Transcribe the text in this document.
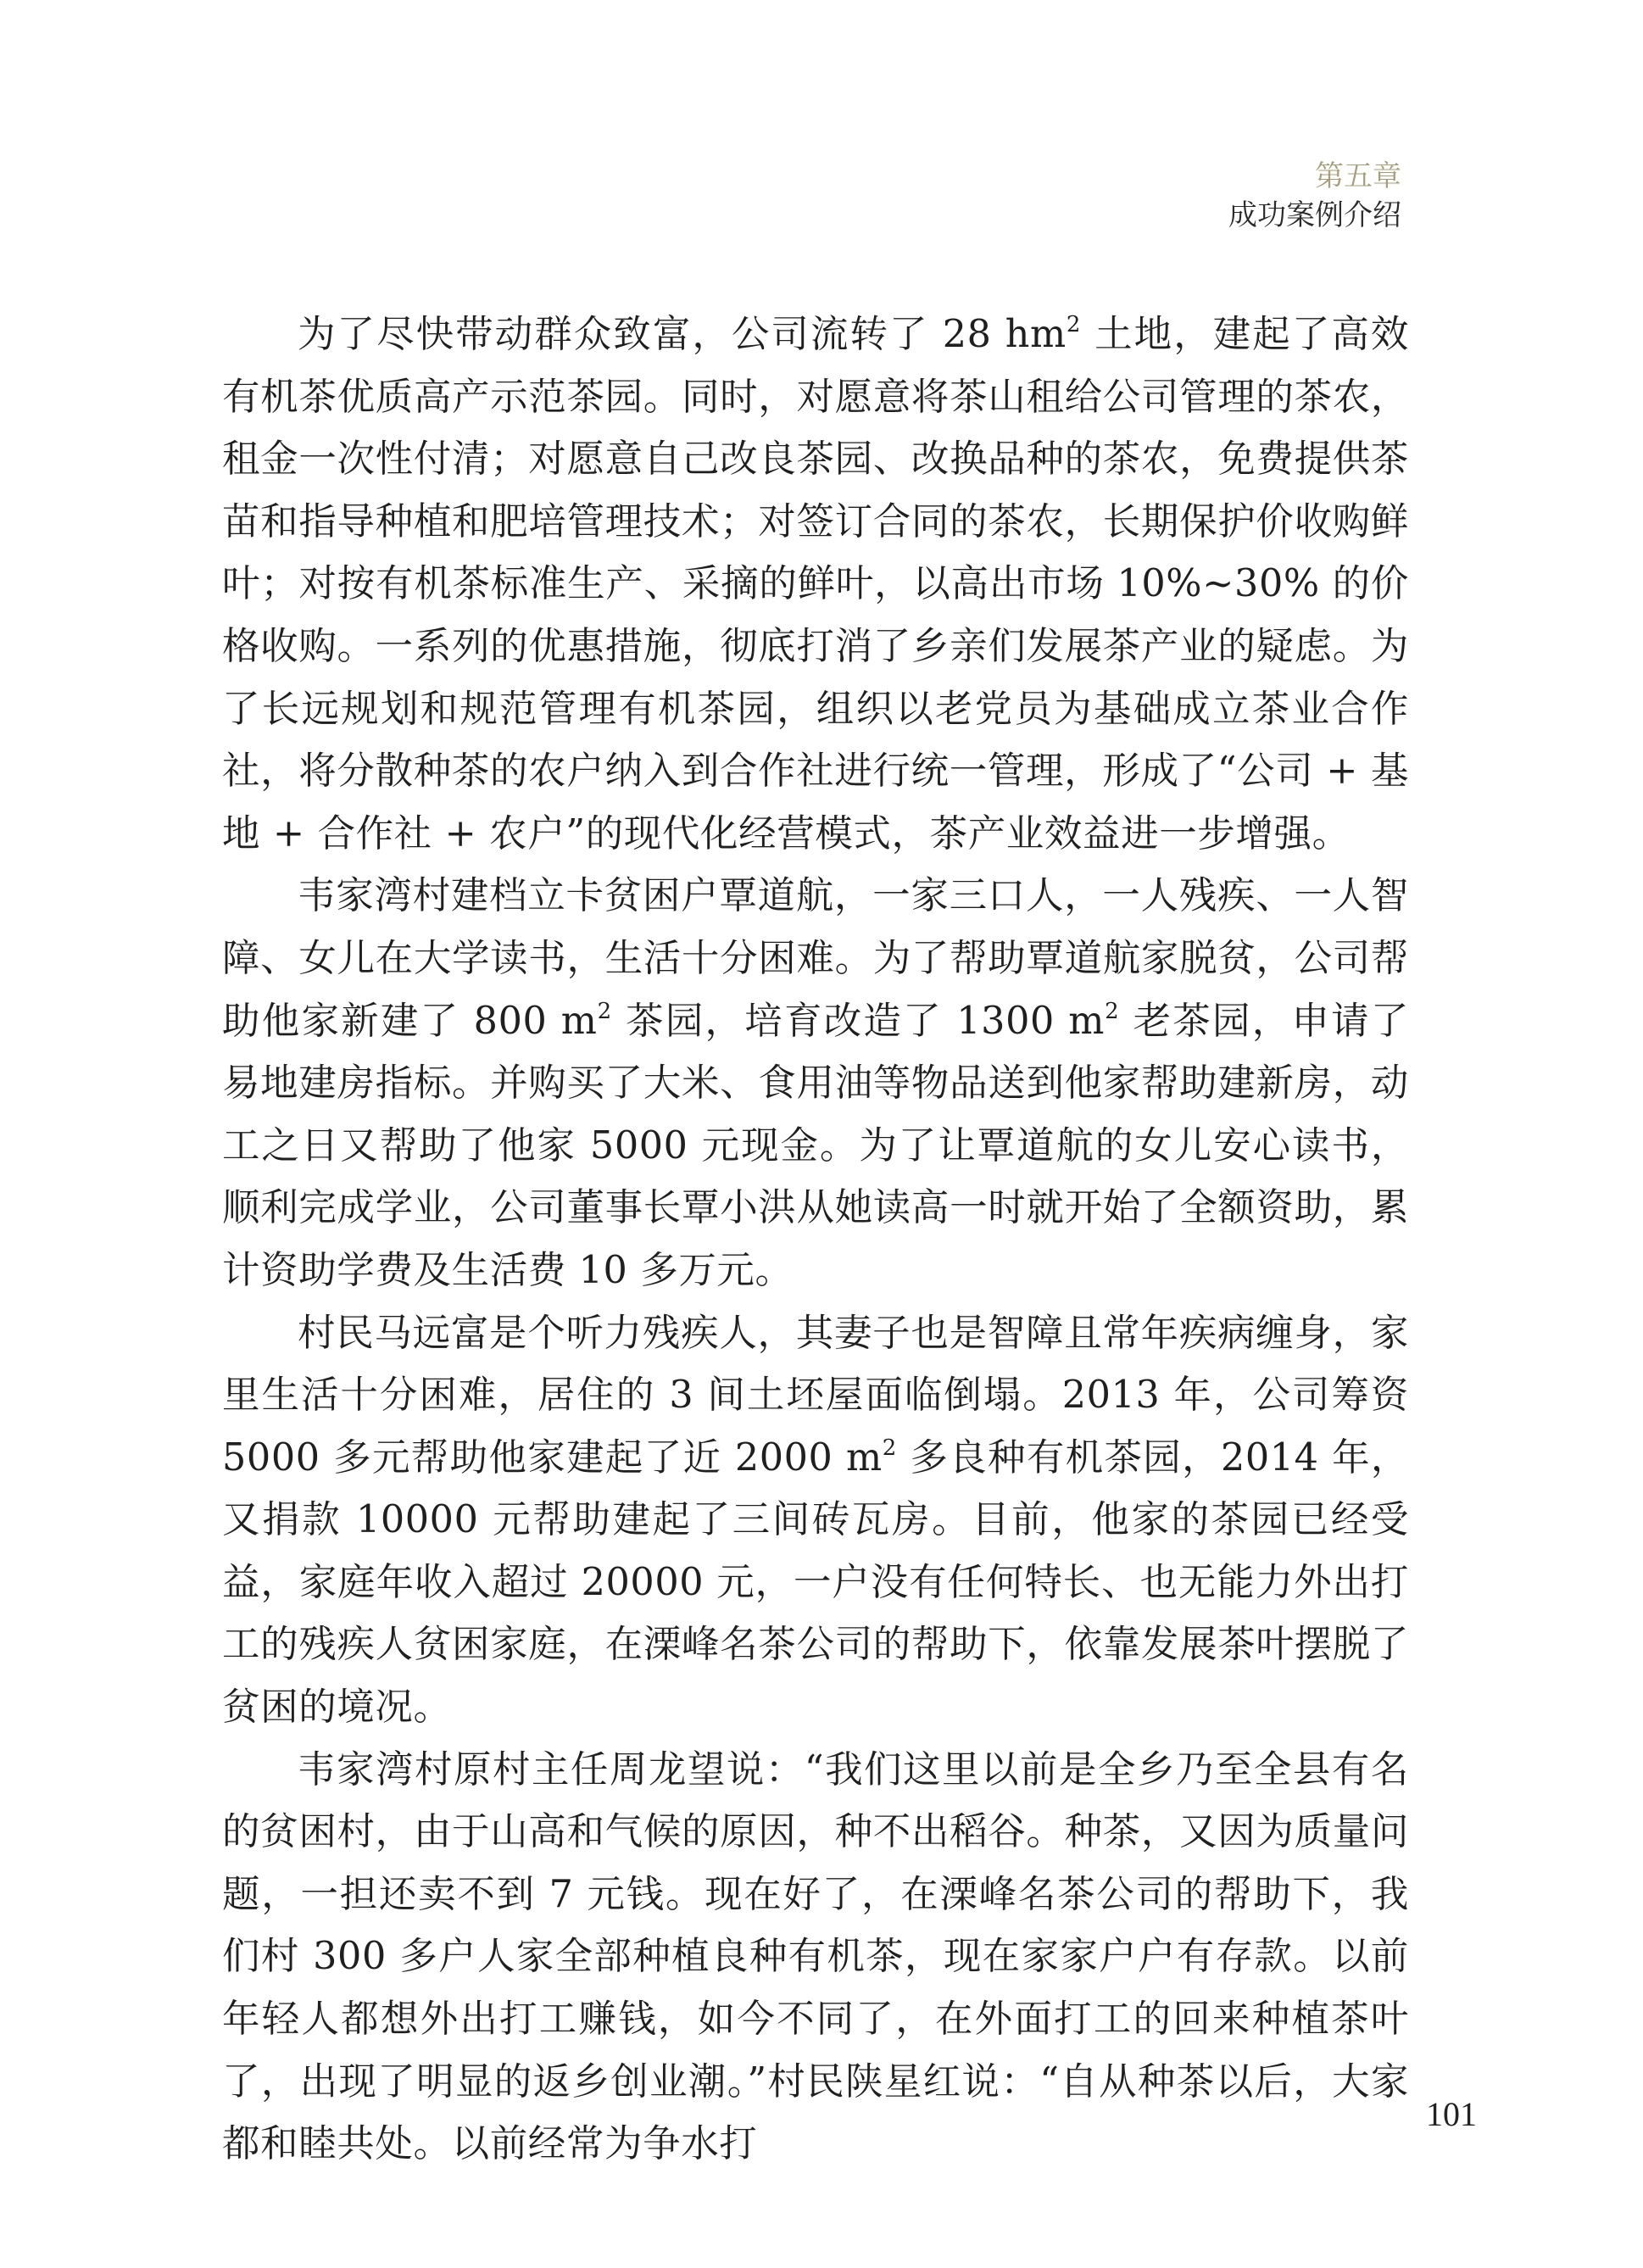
第五章
成功案例介绍

为了尽快带动群众致富，公司流转了 28 $hm^2$ 土地，建起了高效有机茶优质高产示范茶园。同时，对愿意将茶山租给公司管理的茶农，租金一次性付清；对愿意自己改良茶园、改换品种的茶农，免费提供茶苗和指导种植和肥培管理技术；对签订合同的茶农，长期保护价收购鲜叶；对按有机茶标准生产、采摘的鲜叶，以高出市场 10%~30% 的价格收购。一系列的优惠措施，彻底打消了乡亲们发展茶产业的疑虑。为了长远规划和规范管理有机茶园，组织以老党员为基础成立茶业合作社，将分散种茶的农户纳入到合作社进行统一管理，形成了“公司 + 基地 + 合作社 + 农户”的现代化经营模式，茶产业效益进一步增强。

韦家湾村建档立卡贫困户覃道航，一家三口人，一人残疾、一人智障、女儿在大学读书，生活十分困难。为了帮助覃道航家脱贫，公司帮助他家新建了 800 $m^2$ 茶园，培育改造了 1300 $m^2$ 老茶园，申请了易地建房指标。并购买了大米、食用油等物品送到他家帮助建新房，动工之日又帮助了他家 5000 元现金。为了让覃道航的女儿安心读书，顺利完成学业，公司董事长覃小洪从她读高一时就开始了全额资助，累计资助学费及生活费 10 多万元。

村民马远富是个听力残疾人，其妻子也是智障且常年疾病缠身，家里生活十分困难，居住的 3 间土坯屋面临倒塌。2013 年，公司筹资 5000 多元帮助他家建起了近 2000 $m^2$ 多良种有机茶园，2014 年，又捐款 10000 元帮助建起了三间砖瓦房。目前，他家的茶园已经受益，家庭年收入超过 20000 元，一户没有任何特长、也无能力外出打工的残疾人贫困家庭，在溧峰名茶公司的帮助下，依靠发展茶叶摆脱了贫困的境况。

韦家湾村原村主任周龙望说：“我们这里以前是全乡乃至全县有名的贫困村，由于山高和气候的原因，种不出稻谷。种茶，又因为质量问题，一担还卖不到 7 元钱。现在好了，在溧峰名茶公司的帮助下，我们村 300 多户人家全部种植良种有机茶，现在家家户户有存款。以前年轻人都想外出打工赚钱，如今不同了，在外面打工的回来种植茶叶了，出现了明显的返乡创业潮。”村民陕星红说：“自从种茶以后，大家都和睦共处。以前经常为争水打

101
